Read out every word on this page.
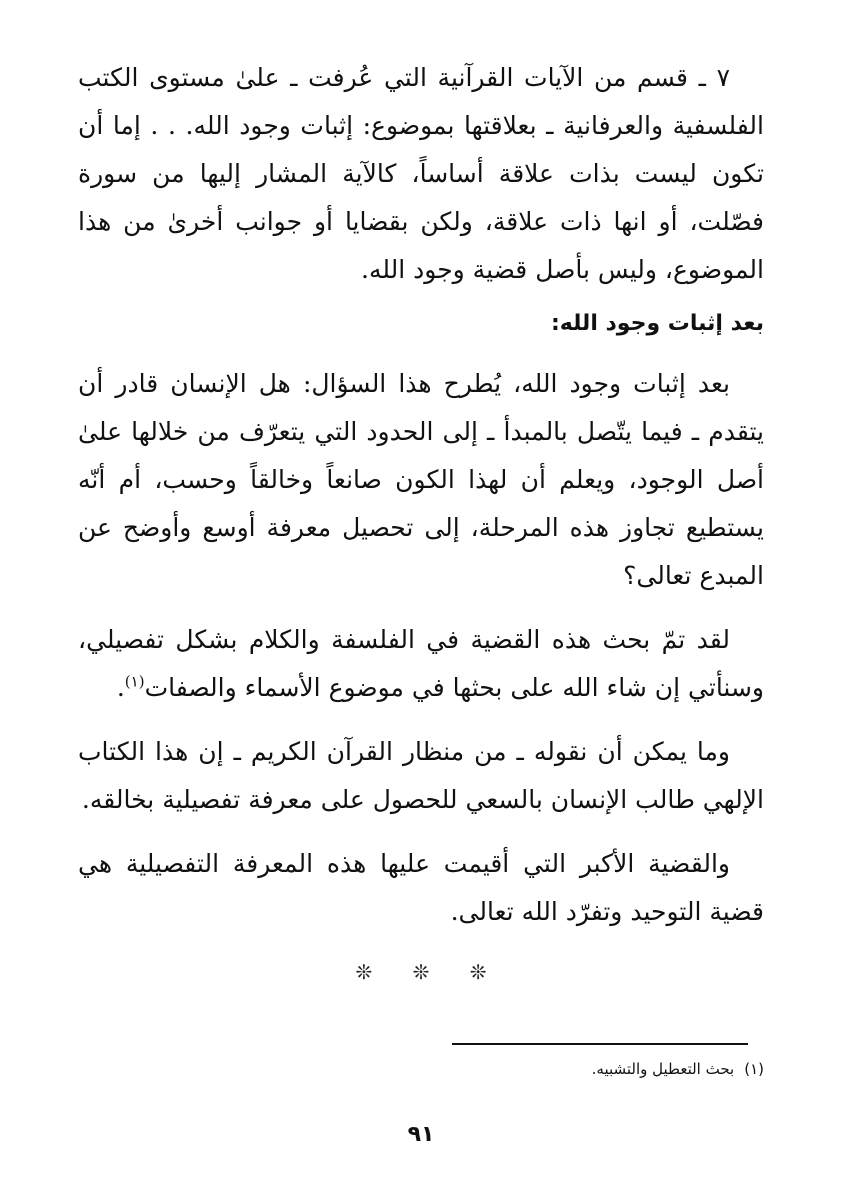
٧ ـ قسم من الآيات القرآنية التي عُرفت ـ علىٰ مستوى الكتب الفلسفية والعرفانية ـ بعلاقتها بموضوع: إثبات وجود الله. . . إما أن تكون ليست بذات علاقة أساساً، كالآية المشار إليها من سورة فصّلت، أو انها ذات علاقة، ولكن بقضايا أو جوانب أخرىٰ من هذا الموضوع، وليس بأصل قضية وجود الله.

بعد إثبات وجود الله:

بعد إثبات وجود الله، يُطرح هذا السؤال: هل الإنسان قادر أن يتقدم ـ فيما يتّصل بالمبدأ ـ إلى الحدود التي يتعرّف من خلالها علىٰ أصل الوجود، ويعلم أن لهذا الكون صانعاً وخالقاً وحسب، أم أنّه يستطيع تجاوز هذه المرحلة، إلى تحصيل معرفة أوسع وأوضح عن المبدع تعالى؟

لقد تمّ بحث هذه القضية في الفلسفة والكلام بشكل تفصيلي، وسنأتي إن شاء الله على بحثها في موضوع الأسماء والصفات$^{(١)}$.

وما يمكن أن نقوله ـ من منظار القرآن الكريم ـ إن هذا الكتاب الإلهي طالب الإنسان بالسعي للحصول على معرفة تفصيلية بخالقه.

والقضية الأكبر التي أقيمت عليها هذه المعرفة التفصيلية هي قضية التوحيد وتفرّد الله تعالى.

❊ ❊ ❊
(١)بحث التعطيل والتشبيه.
٩١
